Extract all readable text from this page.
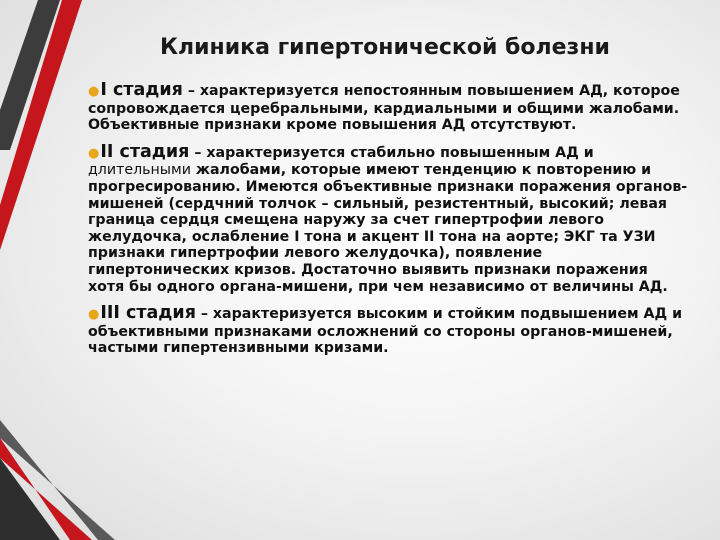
Клиника гипертонической болезни

●I стадия – характеризуется непостоянным повышением АД, которое сопровождается церебральными, кардиальными и общими жалобами. Объективные признаки кроме повышения АД отсутствуют.

●II стадия – характеризуется стабильно повышенным АД и длительными жалобами, которые имеют тенденцию к повторению и прогресированию. Имеются объективные признаки поражения органов-мишеней (сердчний толчок – сильный, резистентный, высокий; левая граница сердця смещена наружу за счет гипертрофии левого желудочка, ослабление I тона и акцент II тона на аорте; ЭКГ та УЗИ признаки гипертрофии левого желудочка), появление гипертонических кризов. Достаточно выявить признаки поражения хотя бы одного органа-мишени, при чем независимо от величины АД.

●III стадия – характеризуется высоким и стойким подвышением АД и объективными признаками осложнений со стороны органов-мишеней, частыми гипертензивными кризами.
